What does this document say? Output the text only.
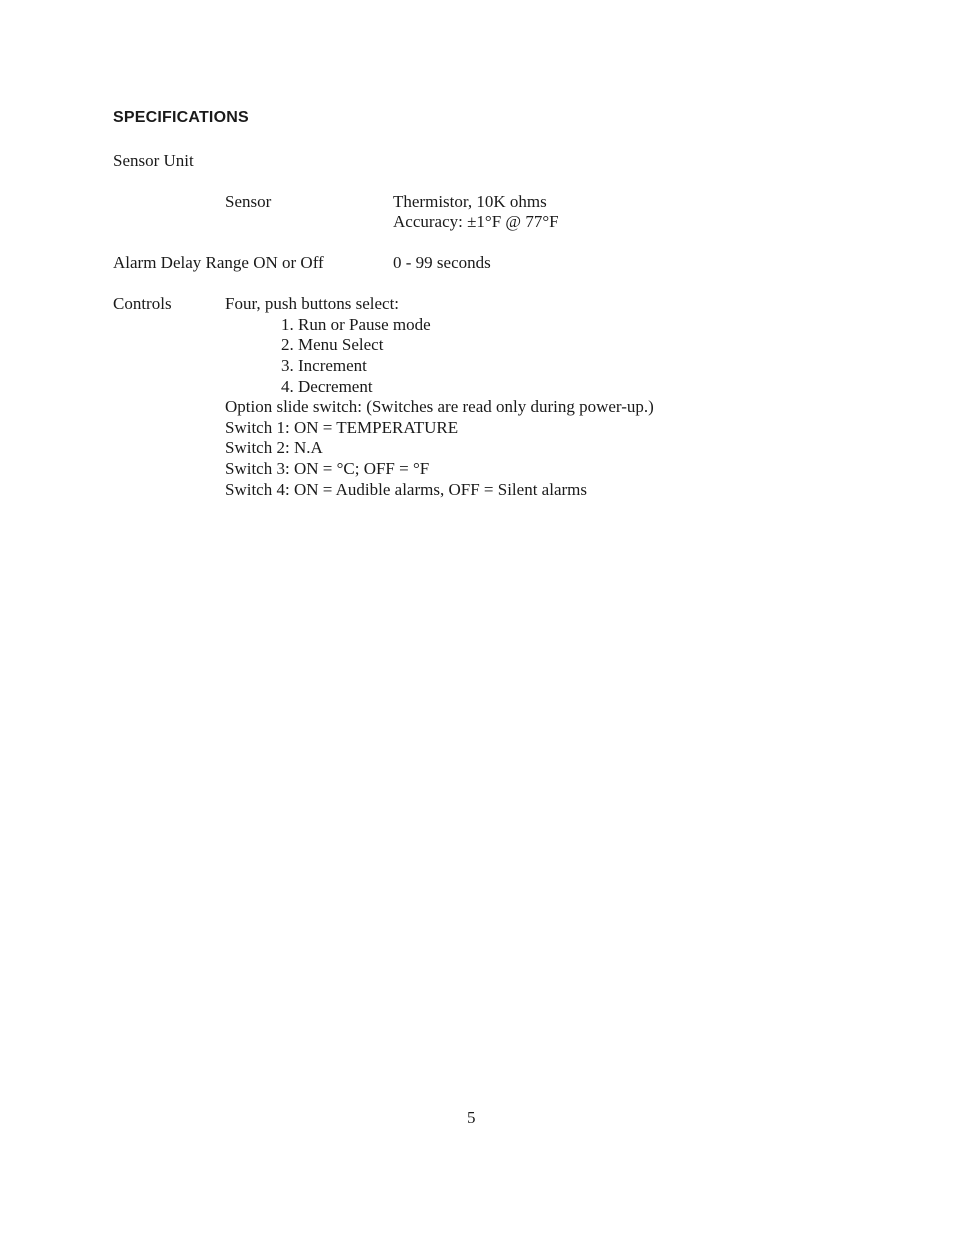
SPECIFICATIONS
Sensor Unit
Sensor	Thermistor, 10K ohms
Accuracy: ±1°F @ 77°F
Alarm Delay Range ON or Off	0 - 99 seconds
Controls	Four, push buttons select:
1. Run or Pause mode
2. Menu Select
3. Increment
4. Decrement
Option slide switch: (Switches are read only during power-up.)
Switch 1: ON = TEMPERATURE
Switch 2: N.A
Switch 3: ON = °C; OFF = °F
Switch 4: ON = Audible alarms, OFF = Silent alarms
5
